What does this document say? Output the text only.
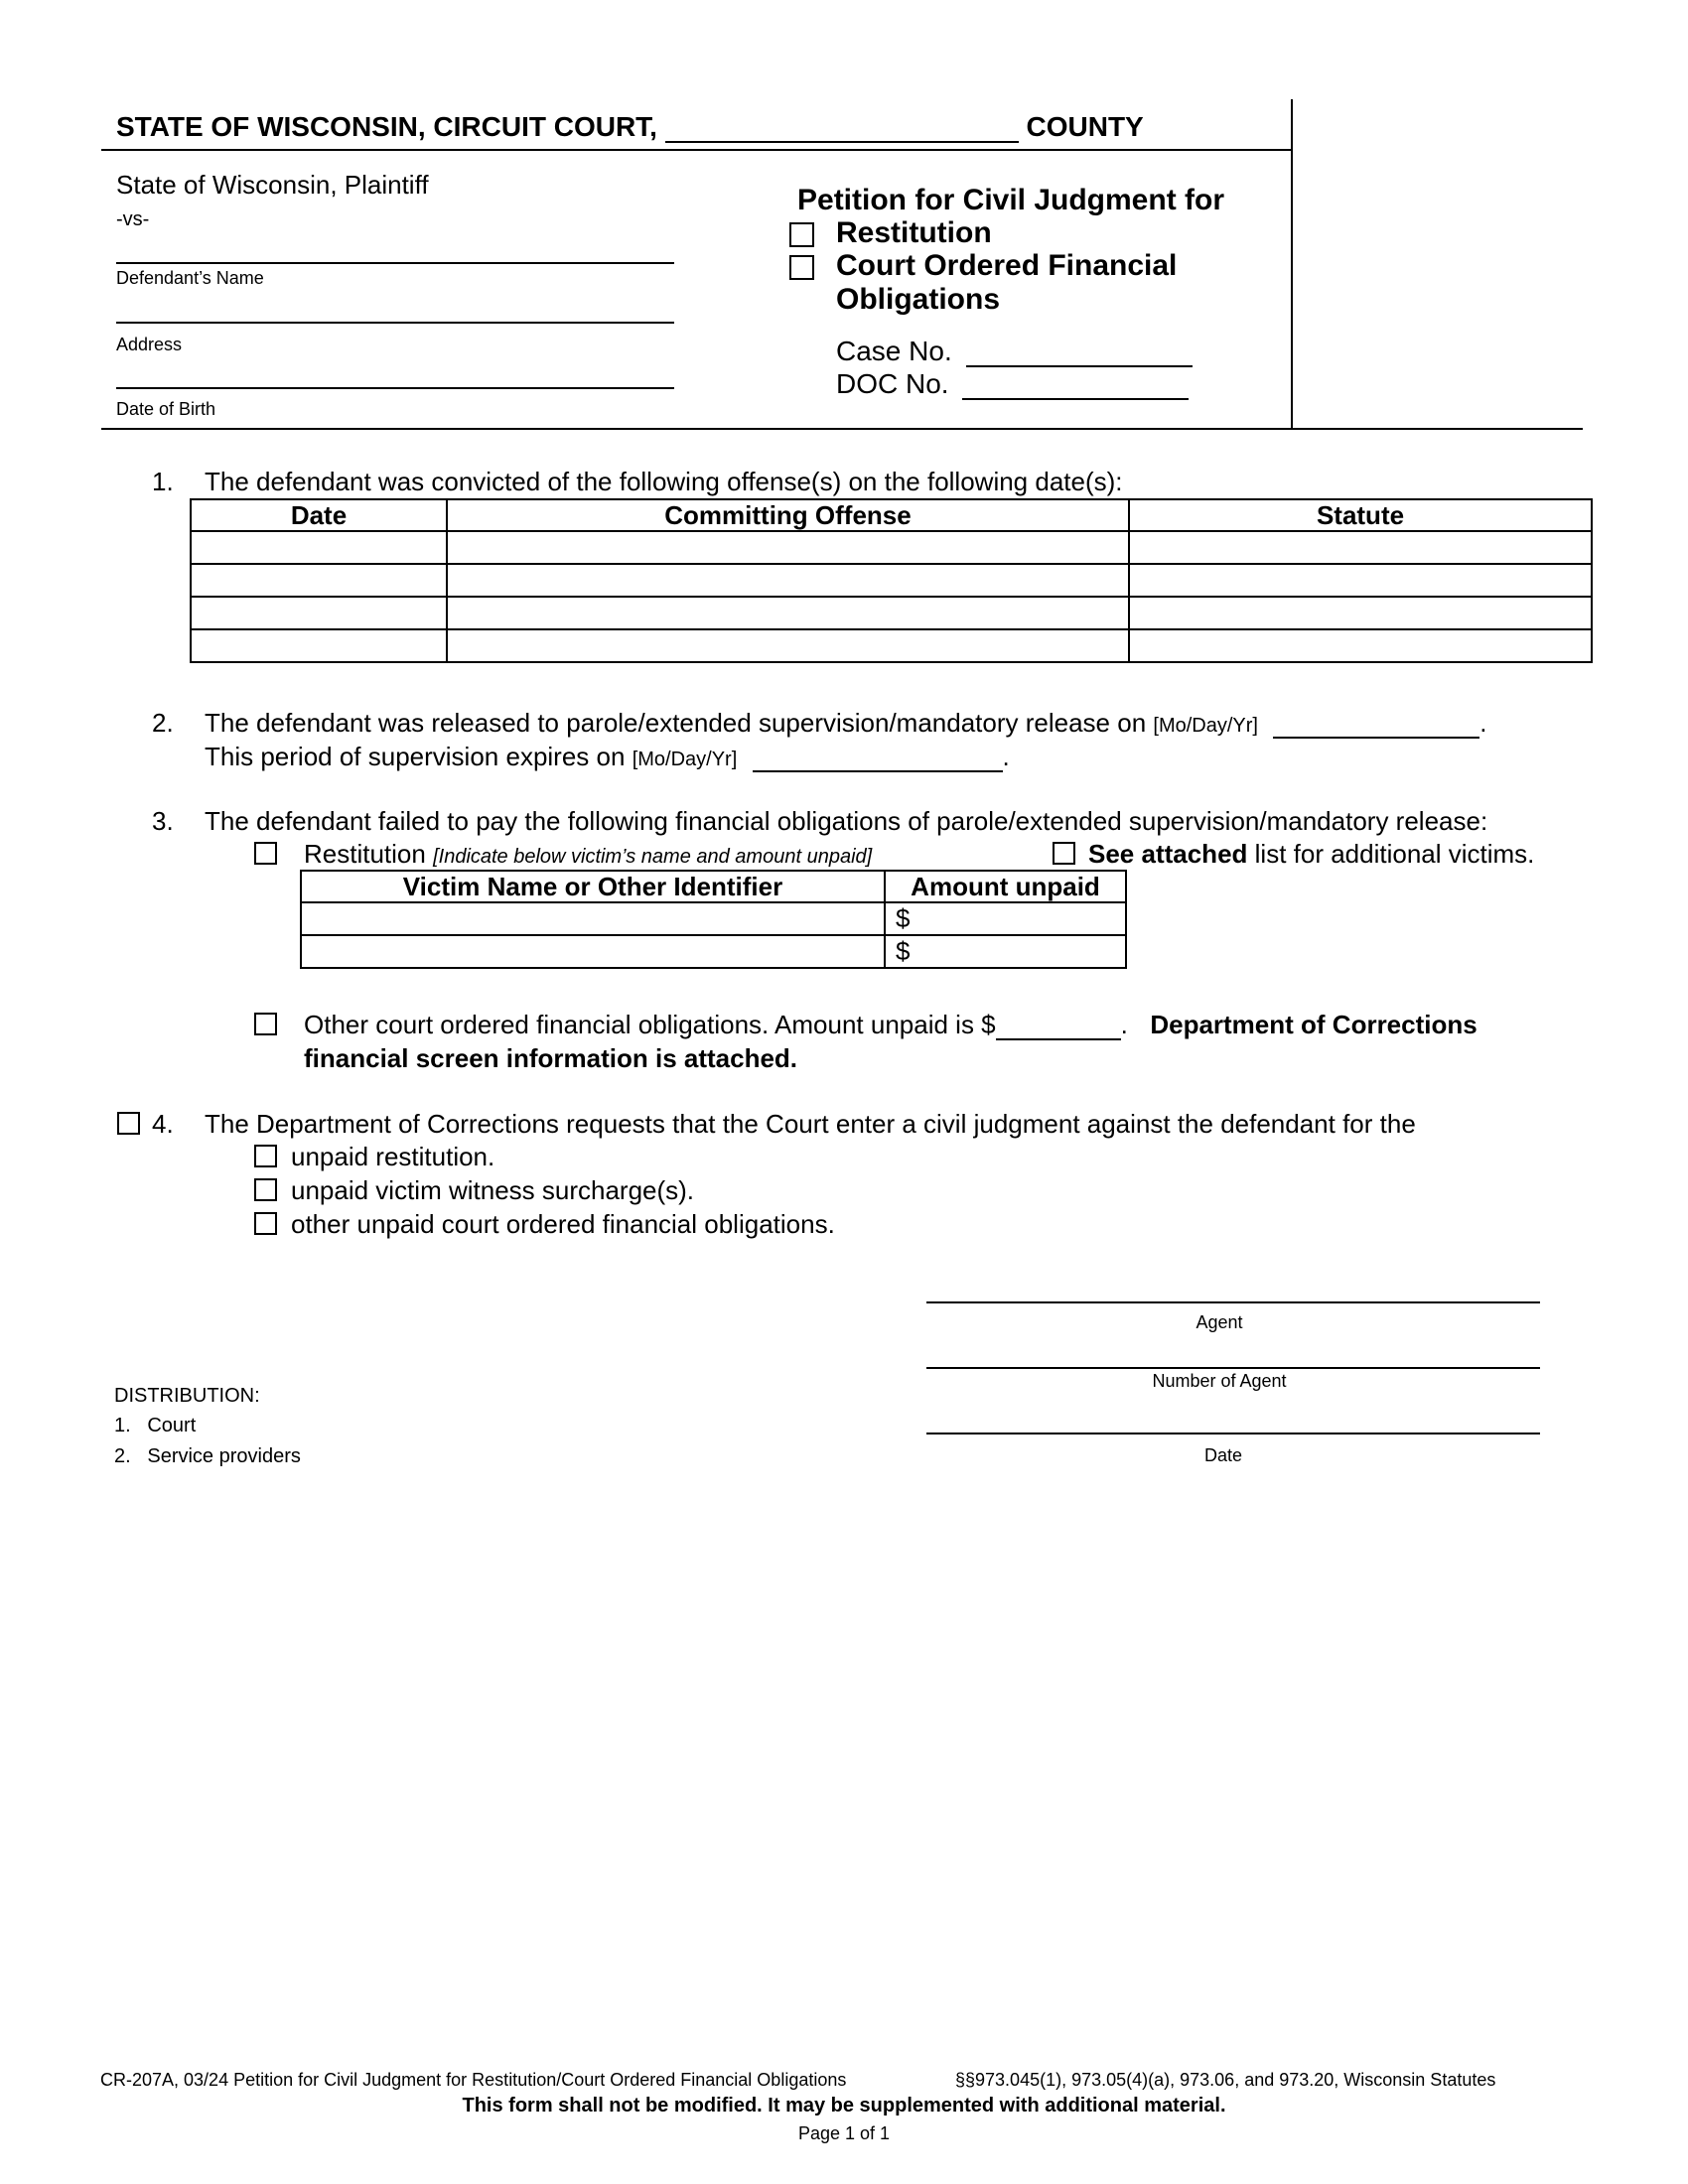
STATE OF WISCONSIN, CIRCUIT COURT,	COUNTY
State of Wisconsin, Plaintiff
-vs-
Defendant’s Name
Address
Date of Birth
Petition for Civil Judgment for
Restitution
Court Ordered Financial
Obligations
Case No.
DOC No.
1. The defendant was convicted of the following offense(s) on the following date(s):
Date	Committing Offense	Statute

2. The defendant was released to parole/extended supervision/mandatory release on [Mo/Day/Yr]	.
This period of supervision expires on [Mo/Day/Yr]	.
3. The defendant failed to pay the following financial obligations of parole/extended supervision/mandatory release:
Restitution [Indicate below victim’s name and amount unpaid]	See attached list for additional victims.
Victim Name or Other Identifier	Amount unpaid
	$
	$
Other court ordered financial obligations. Amount unpaid is $	.  Department of Corrections
financial screen information is attached.
4. The Department of Corrections requests that the Court enter a civil judgment against the defendant for the
unpaid restitution.
unpaid victim witness surcharge(s).
other unpaid court ordered financial obligations.
Agent
Number of Agent
Date
DISTRIBUTION:
1.   Court
2.   Service providers
CR-207A, 03/24 Petition for Civil Judgment for Restitution/Court Ordered Financial Obligations	§§973.045(1), 973.05(4)(a), 973.06, and 973.20, Wisconsin Statutes
This form shall not be modified. It may be supplemented with additional material.
Page 1 of 1
